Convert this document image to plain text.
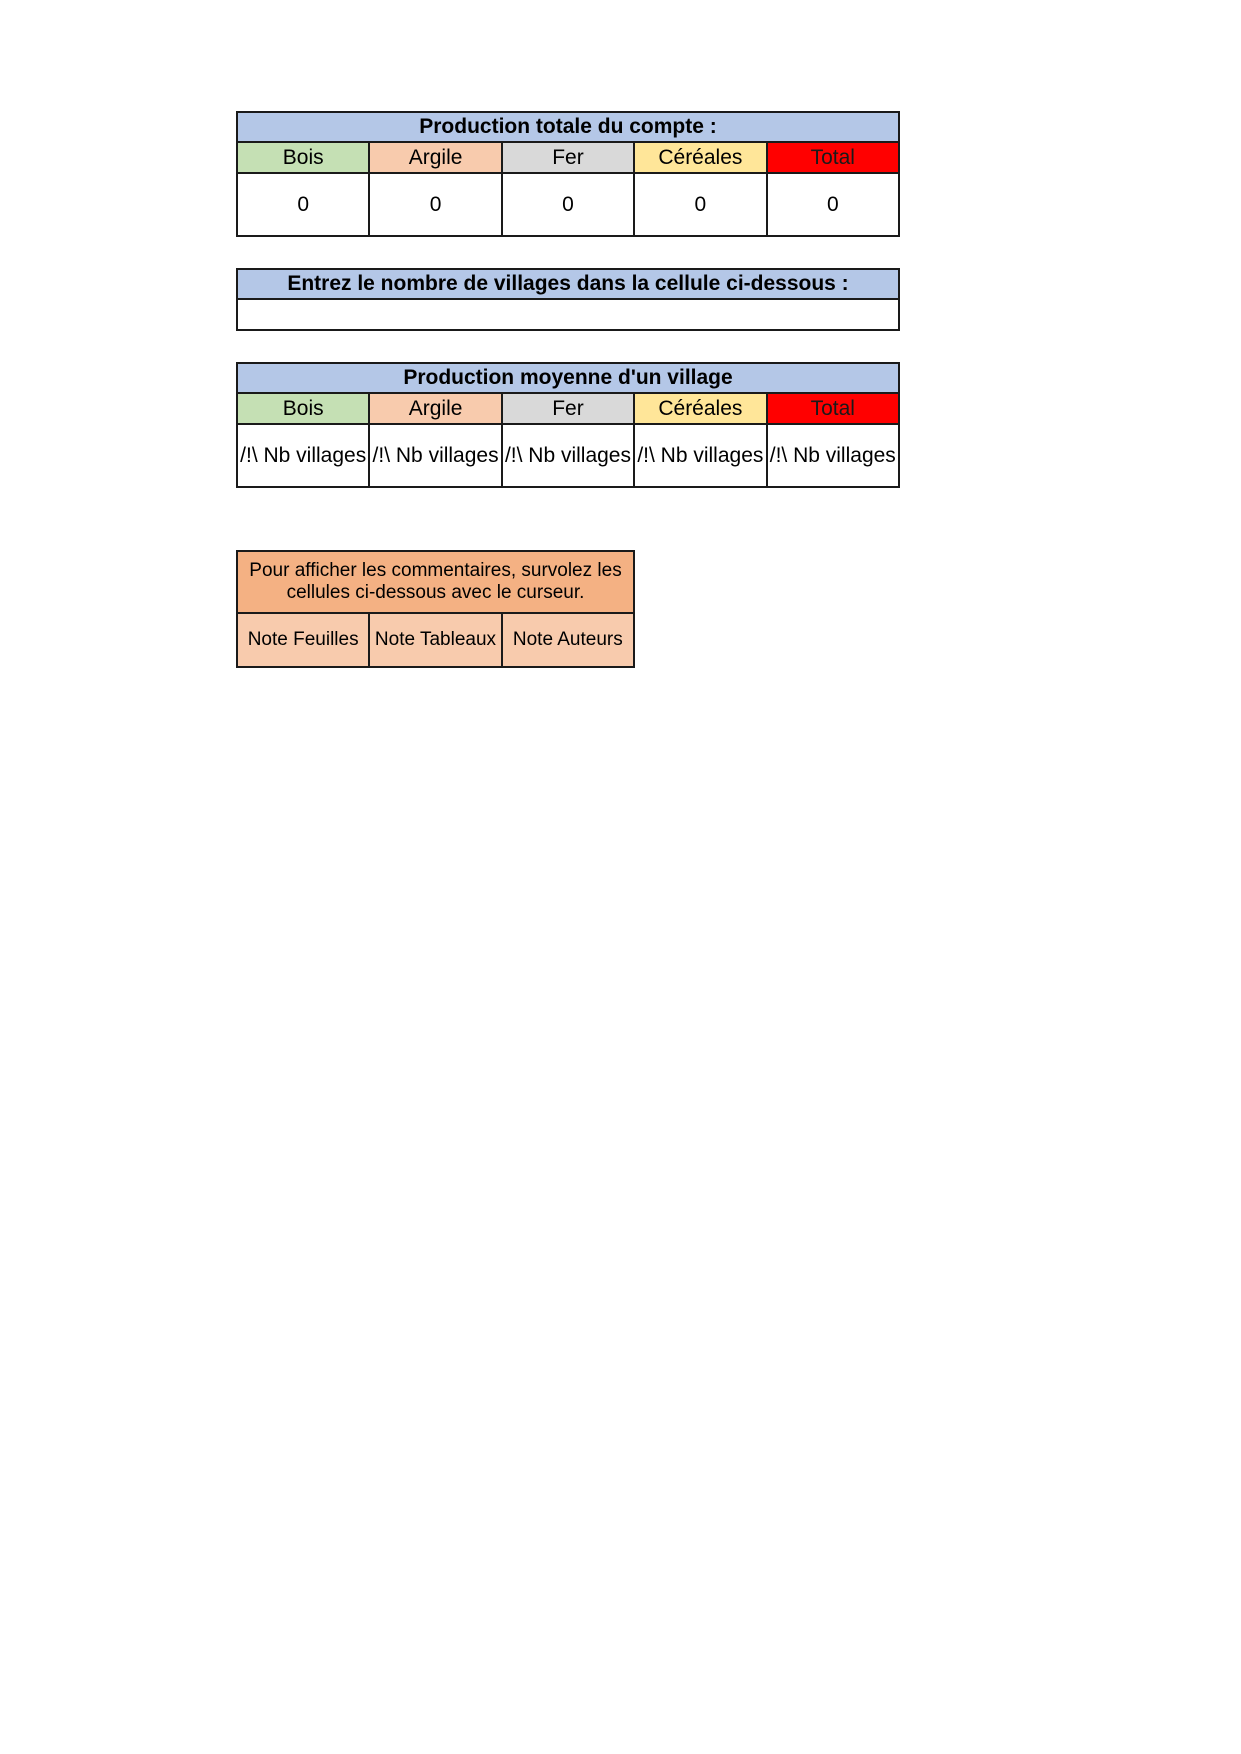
Production totale du compte :				
Bois	Argile	Fer	Céréales	Total
0	0	0	0	0
Entrez le nombre de villages dans la cellule ci-dessous :

Production moyenne d'un village				
Bois	Argile	Fer	Céréales	Total
/!\ Nb villages	/!\ Nb villages	/!\ Nb villages	/!\ Nb villages	/!\ Nb villages
Pour afficher les commentaires, survolez les cellules ci-dessous avec le curseur.
Note Feuilles	Note Tableaux	Note Auteurs
